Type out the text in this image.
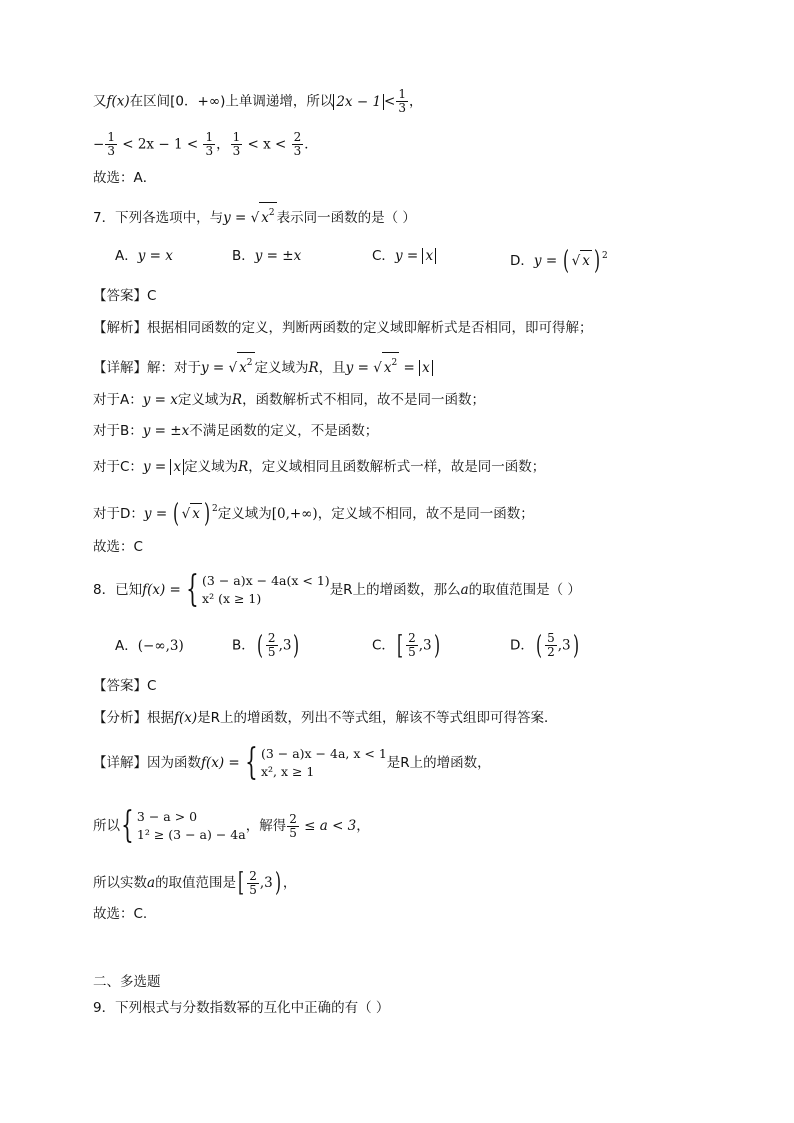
又f(x)在区间[0．+∞)上单调递增，所以 $2x - 1 < \frac{1}{3}$ ，
− $\frac{1}{3} < 2x - 1 < \frac{1}{3}$ ， $\frac{1}{3} < x < \frac{2}{3}$ ．
故选：A．
7．下列各选项中，与y = √ $x^2$ 表示同一函数的是（ ）
A．y = x	B．y = ±x	C．y = x	D．y = ( √ x ) $^2$
【答案】C
【解析】根据相同函数的定义，判断两函数的定义域即解析式是否相同，即可得解；
【详解】解：对于y = √ $x^2$ 定义域为R，且y = √ $x^2 = x$
对于A：y = x定义域为R，函数解析式不相同，故不是同一函数；
对于B：y = ±x不满足函数的定义，不是函数；
对于C：y = x 定义域为R，定义域相同且函数解析式一样，故是同一函数；
对于D：y = ( √ x ) $^2$定义域为[0,+∞)，定义域不相同，故不是同一函数；
故选：C
8．已知f(x) = { (3 − a)x − 4a(x < 1)
x² (x ≥ 1)
是R上的增函数，那么a的取值范围是（ ）
A．(−∞,3)	B．( $\frac{2}{5} ,3$)	C．[ $\frac{2}{5} ,3$)	D．( $\frac{5}{2} ,3$)
【答案】C
【分析】根据f(x)是R上的增函数，列出不等式组，解该不等式组即可得答案．
【详解】因为函数f(x) = { (3 − a)x − 4a, x < 1
x², x ≥ 1
是R上的增函数，
所以 { 3 − a > 0
1² ≥ (3 − a) − 4a
，解得 $\frac{2}{5} \le a < 3$，
所以实数a的取值范围是[ $\frac{2}{5} ,3$) ，
故选：C.
二、多选题
9．下列根式与分数指数幂的互化中正确的有（ ）
